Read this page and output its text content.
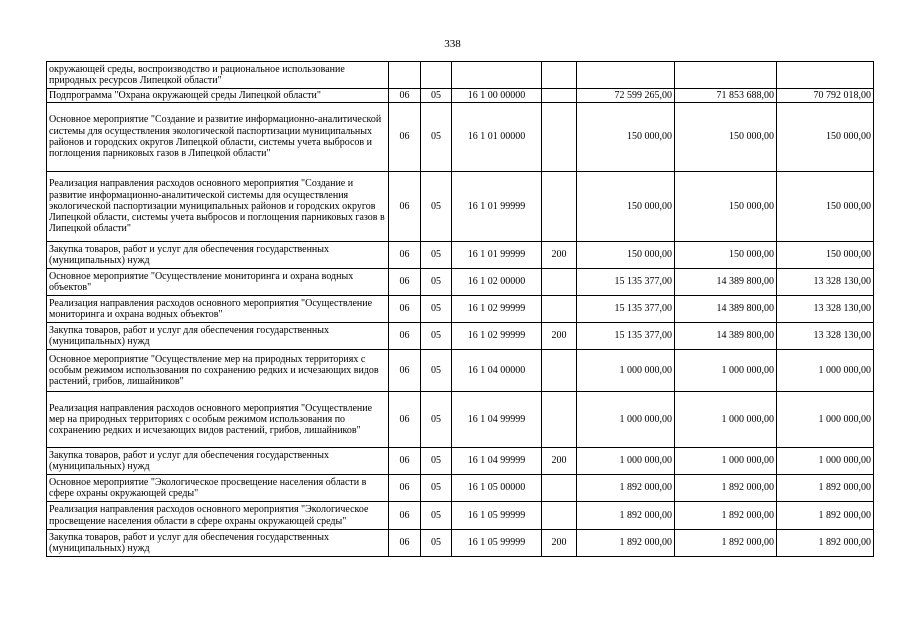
338
окружающей среды, воспроизводство и рациональное использование природных ресурсов Липецкой области"							
Подпрограмма "Охрана окружающей среды Липецкой области"	06	05	16 1 00 00000		72 599 265,00	71 853 688,00	70 792 018,00
Основное мероприятие "Создание и развитие информационно-аналитической системы для осуществления экологической паспортизации муниципальных районов и городских округов Липецкой области, системы учета выбросов и поглощения парниковых газов в Липецкой области"	06	05	16 1 01 00000		150 000,00	150 000,00	150 000,00
Реализация направления расходов основного мероприятия "Создание и развитие информационно-аналитической системы для осуществления экологической паспортизации муниципальных районов и городских округов Липецкой области, системы учета выбросов и поглощения парниковых газов в Липецкой области"	06	05	16 1 01 99999		150 000,00	150 000,00	150 000,00
Закупка товаров, работ и услуг для обеспечения государственных (муниципальных) нужд	06	05	16 1 01 99999	200	150 000,00	150 000,00	150 000,00
Основное мероприятие "Осуществление мониторинга и охрана водных объектов"	06	05	16 1 02 00000		15 135 377,00	14 389 800,00	13 328 130,00
Реализация направления расходов основного мероприятия "Осуществление мониторинга и охрана водных объектов"	06	05	16 1 02 99999		15 135 377,00	14 389 800,00	13 328 130,00
Закупка товаров, работ и услуг для обеспечения государственных (муниципальных) нужд	06	05	16 1 02 99999	200	15 135 377,00	14 389 800,00	13 328 130,00
Основное мероприятие "Осуществление мер на природных территориях с особым режимом использования по сохранению редких и исчезающих видов растений, грибов, лишайников"	06	05	16 1 04 00000		1 000 000,00	1 000 000,00	1 000 000,00
Реализация направления расходов основного мероприятия "Осуществление мер на природных территориях с особым режимом использования по сохранению редких и исчезающих видов растений, грибов, лишайников"	06	05	16 1 04 99999		1 000 000,00	1 000 000,00	1 000 000,00
Закупка товаров, работ и услуг для обеспечения государственных (муниципальных) нужд	06	05	16 1 04 99999	200	1 000 000,00	1 000 000,00	1 000 000,00
Основное мероприятие "Экологическое просвещение населения области в сфере охраны окружающей среды"	06	05	16 1 05 00000		1 892 000,00	1 892 000,00	1 892 000,00
Реализация направления расходов основного мероприятия "Экологическое просвещение населения области в сфере охраны окружающей среды"	06	05	16 1 05 99999		1 892 000,00	1 892 000,00	1 892 000,00
Закупка товаров, работ и услуг для обеспечения государственных (муниципальных) нужд	06	05	16 1 05 99999	200	1 892 000,00	1 892 000,00	1 892 000,00
